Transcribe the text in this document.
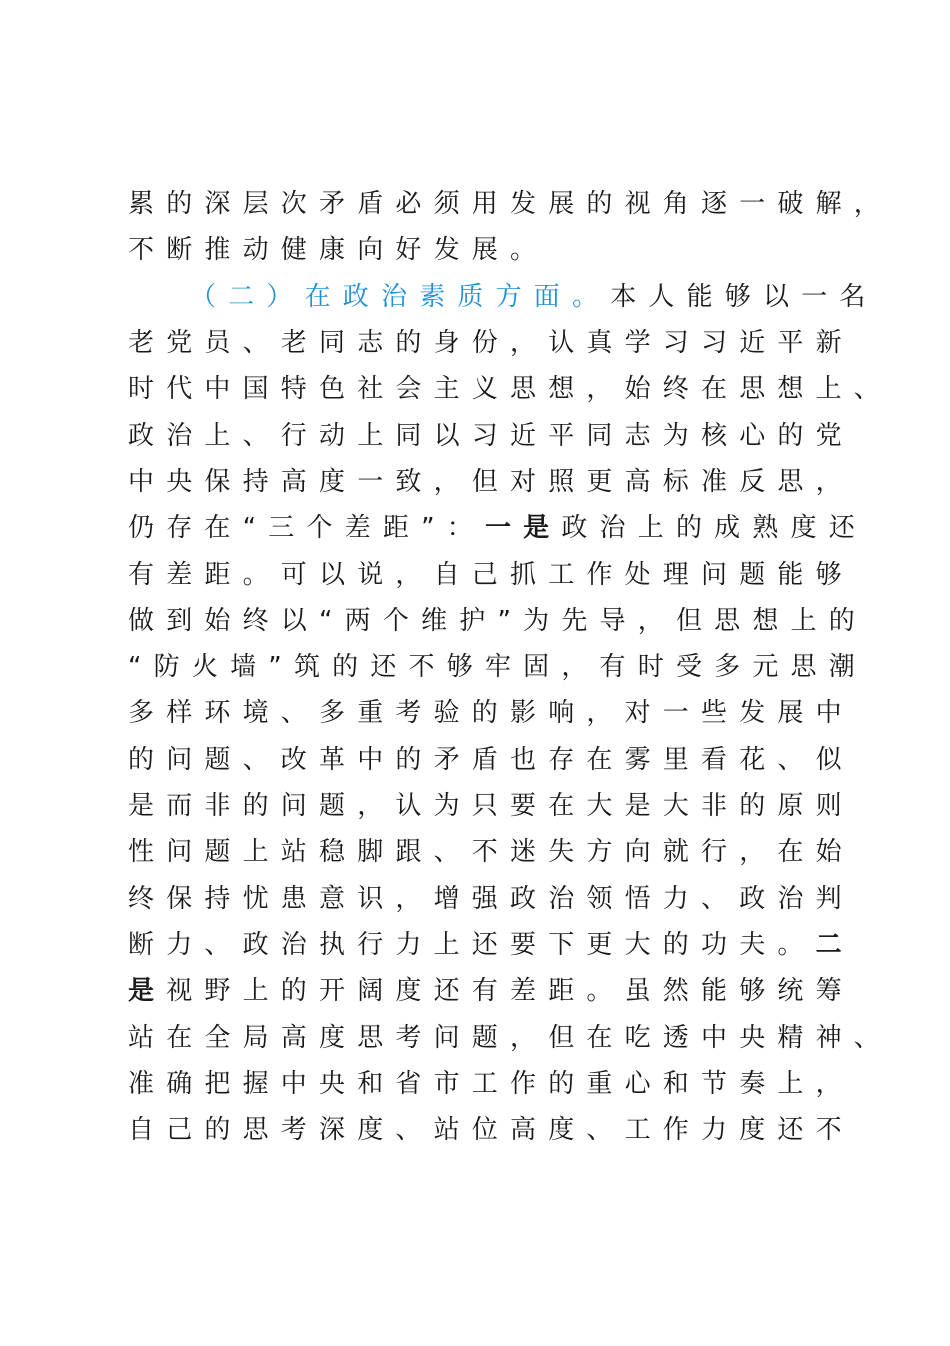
累的深层次矛盾必须用发展的视角逐一破解，
不断推动健康向好发展。
（二）在政治素质方面。本人能够以一名
老党员、老同志的身份，认真学习习近平新
时代中国特色社会主义思想，始终在思想上、
政治上、行动上同以习近平同志为核心的党
中央保持高度一致，但对照更高标准反思，
仍存在“三个差距”：一是政治上的成熟度还
有差距。可以说，自己抓工作处理问题能够
做到始终以“两个维护”为先导，但思想上的
“防火墙”筑的还不够牢固，有时受多元思潮
多样环境、多重考验的影响，对一些发展中
的问题、改革中的矛盾也存在雾里看花、似
是而非的问题，认为只要在大是大非的原则
性问题上站稳脚跟、不迷失方向就行，在始
终保持忧患意识，增强政治领悟力、政治判
断力、政治执行力上还要下更大的功夫。二
是视野上的开阔度还有差距。虽然能够统筹
站在全局高度思考问题，但在吃透中央精神、
准确把握中央和省市工作的重心和节奏上，
自己的思考深度、站位高度、工作力度还不
